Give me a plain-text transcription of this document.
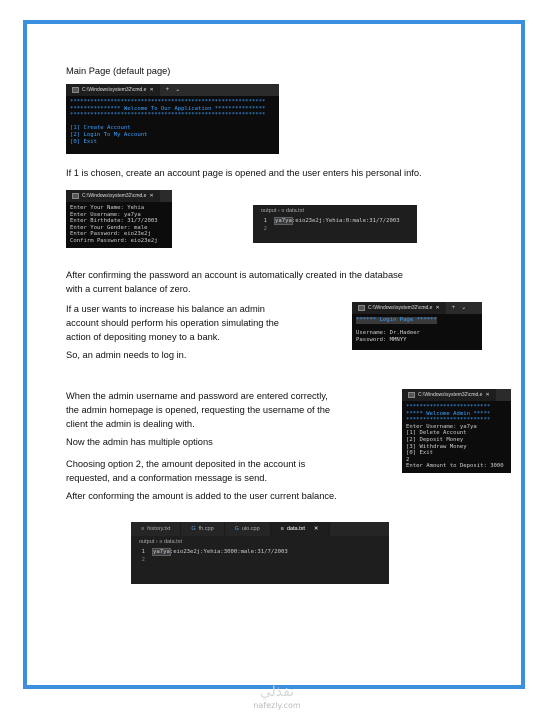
Main Page (default page)

C:\Windows\system32\cmd.e ✕ + ⌄
**********************************************************
*************** Welcome To Our Application ***************
**********************************************************

[1] Create Account
[2] Login To My Account
[0] Exit

If 1 is chosen, create an account page is opened and the user enters his personal info.

C:\Windows\system32\cmd.e ✕
Enter Your Name: Yehia
Enter Username: ya7ya
Enter Birthdate: 31/7/2003
Enter Your Gender: male
Enter Password: eio23e2j
Confirm Password: eio23e2j
output › ≡ data.txt
1 ya7ya:eio23e2j:Yehia:0:male:31/7/2003
2

After confirming the password an account is automatically created in the database
with a current balance of zero.

If a user wants to increase his balance an admin
account should perform his operation simulating the
action of depositing money to a bank.

C:\Windows\system32\cmd.e ✕ + ⌄
****** Login Page ******

Username: Dr.Hadeer
Password: MMNYY

So, an admin needs to log in.

When the admin username and password are entered correctly,
the admin homepage is opened, requesting the username of the
client the admin is dealing with.

C:\Windows\system32\cmd.e ✕
*************************
***** Welcome Admin *****
*************************
Enter Username: ya7ya
[1] Delete Account
[2] Deposit Money
[3] Withdraw Money
[0] Exit
2
Enter Amount to Deposit: 3000

Now the admin has multiple options

Choosing option 2, the amount deposited in the account is
requested, and a conformation message is send.

After conforming the amount is added to the user current balance.

≡ history.txt	G fh.cpp	G uio.cpp	≡ data.txt ✕
output › ≡ data.txt
1 ya7ya:eio23e2j:Yehia:3000:male:31/7/2003
2
نفذلي
nafezly.com
